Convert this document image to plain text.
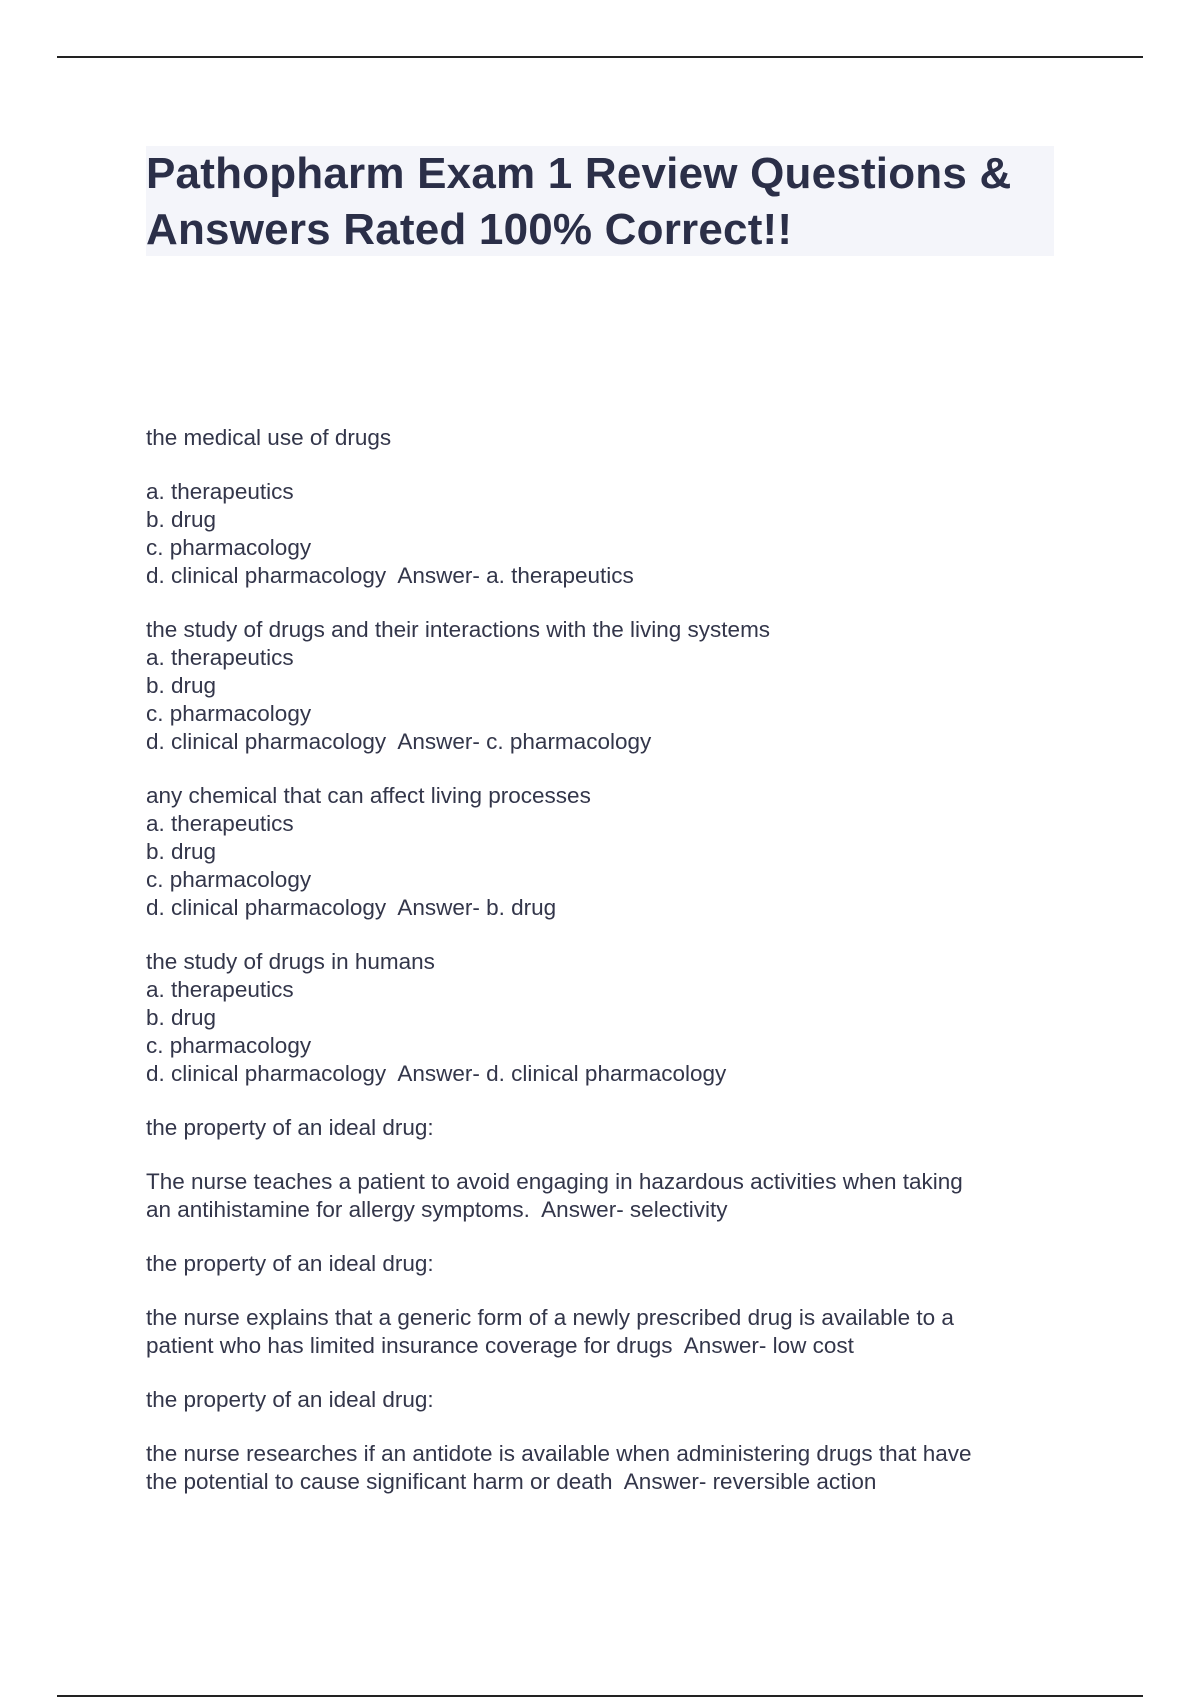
Pathopharm Exam 1 Review Questions & Answers Rated 100% Correct!!
the medical use of drugs
a. therapeutics
b. drug
c. pharmacology
d. clinical pharmacology  Answer- a. therapeutics
the study of drugs and their interactions with the living systems
a. therapeutics
b. drug
c. pharmacology
d. clinical pharmacology  Answer- c. pharmacology
any chemical that can affect living processes
a. therapeutics
b. drug
c. pharmacology
d. clinical pharmacology  Answer- b. drug
the study of drugs in humans
a. therapeutics
b. drug
c. pharmacology
d. clinical pharmacology  Answer- d. clinical pharmacology
the property of an ideal drug:
The nurse teaches a patient to avoid engaging in hazardous activities when taking
an antihistamine for allergy symptoms.  Answer- selectivity
the property of an ideal drug:
the nurse explains that a generic form of a newly prescribed drug is available to a
patient who has limited insurance coverage for drugs  Answer- low cost
the property of an ideal drug:
the nurse researches if an antidote is available when administering drugs that have
the potential to cause significant harm or death  Answer- reversible action
